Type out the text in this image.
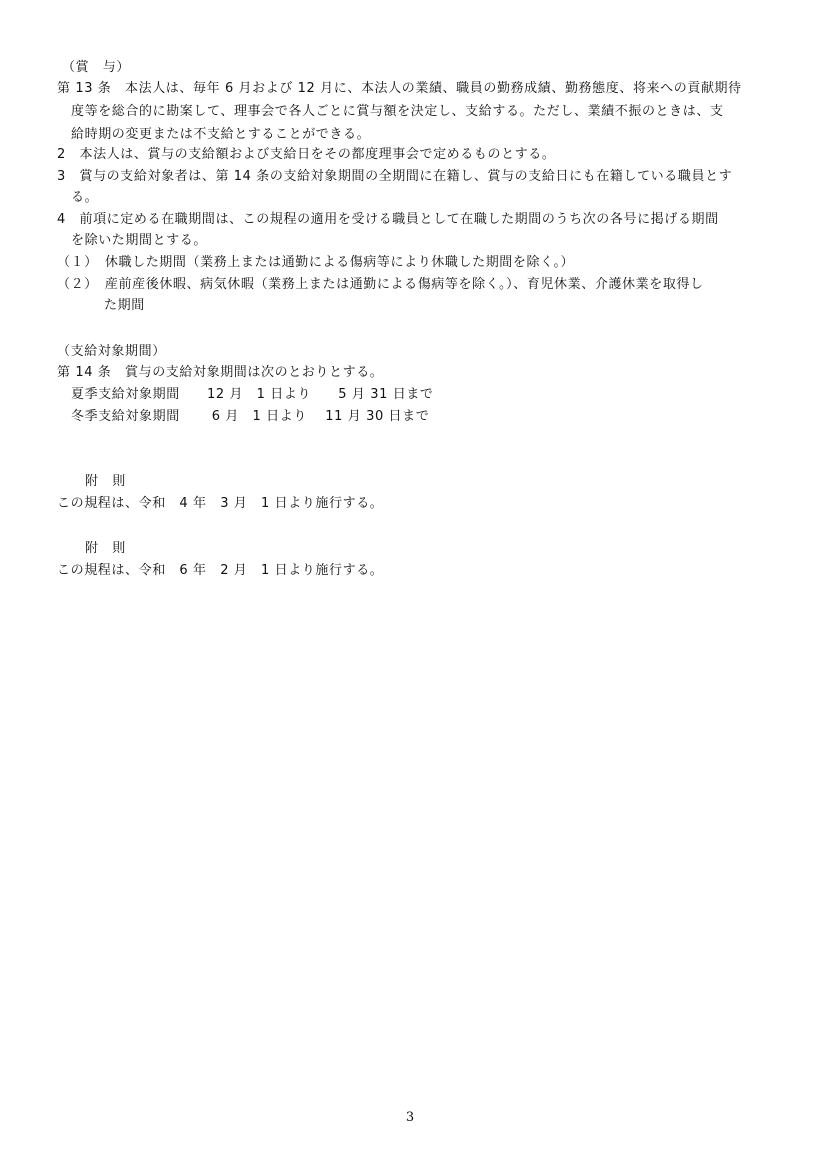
（賞　与）
第 13 条　本法人は、毎年 6 月および 12 月に、本法人の業績、職員の勤務成績、勤務態度、将来への貢献期待
度等を総合的に勘案して、理事会で各人ごとに賞与額を決定し、支給する。ただし、業績不振のときは、支
給時期の変更または不支給とすることができる。
2　本法人は、賞与の支給額および支給日をその都度理事会で定めるものとする。
3　賞与の支給対象者は、第 14 条の支給対象期間の全期間に在籍し、賞与の支給日にも在籍している職員とす
る。
4　前項に定める在職期間は、この規程の適用を受ける職員として在職した期間のうち次の各号に掲げる期間
を除いた期間とする。
（１）　休職した期間（業務上または通勤による傷病等により休職した期間を除く。）
（２）　産前産後休暇、病気休暇（業務上または通勤による傷病等を除く。）、育児休業、介護休業を取得し
た期間
（支給対象期間）
第 14 条　賞与の支給対象期間は次のとおりとする。
夏季支給対象期間　　12 月　1 日より　　5 月 31 日まで
冬季支給対象期間　　 6 月　1 日より　 11 月 30 日まで
附　則
この規程は、令和　4 年　3 月　1 日より施行する。
附　則
この規程は、令和　6 年　2 月　1 日より施行する。
3
